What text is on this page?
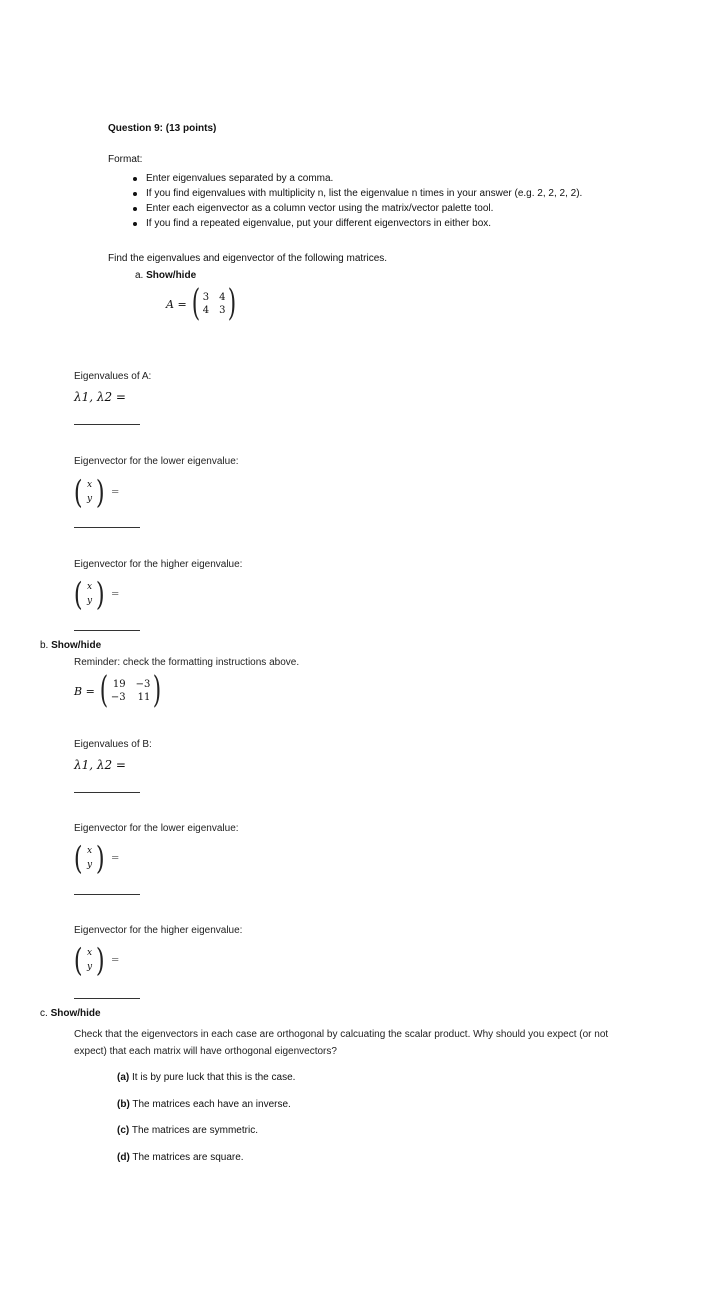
Question 9: (13 points)
Format:
Enter eigenvalues separated by a comma.
If you find eigenvalues with multiplicity n, list the eigenvalue n times in your answer (e.g. 2, 2, 2, 2).
Enter each eigenvector as a column vector using the matrix/vector palette tool.
If you find a repeated eigenvalue, put your different eigenvectors in either box.
Find the eigenvalues and eigenvector of the following matrices.
a. Show/hide
A = ( 3 4
4 3 )
Eigenvalues of A:
λ1, λ2 =
Eigenvector for the lower eigenvalue:
( x
y ) =
Eigenvector for the higher eigenvalue:
( x
y ) =
b. Show/hide
Reminder: check the formatting instructions above.
B = ( 19 −3
−3 11 )
Eigenvalues of B:
λ1, λ2 =
Eigenvector for the lower eigenvalue:
( x
y ) =
Eigenvector for the higher eigenvalue:
( x
y ) =
c. Show/hide
Check that the eigenvectors in each case are orthogonal by calcuating the scalar product. Why should you expect (or not
expect) that each matrix will have orthogonal eigenvectors?
(a) It is by pure luck that this is the case.
(b) The matrices each have an inverse.
(c) The matrices are symmetric.
(d) The matrices are square.
